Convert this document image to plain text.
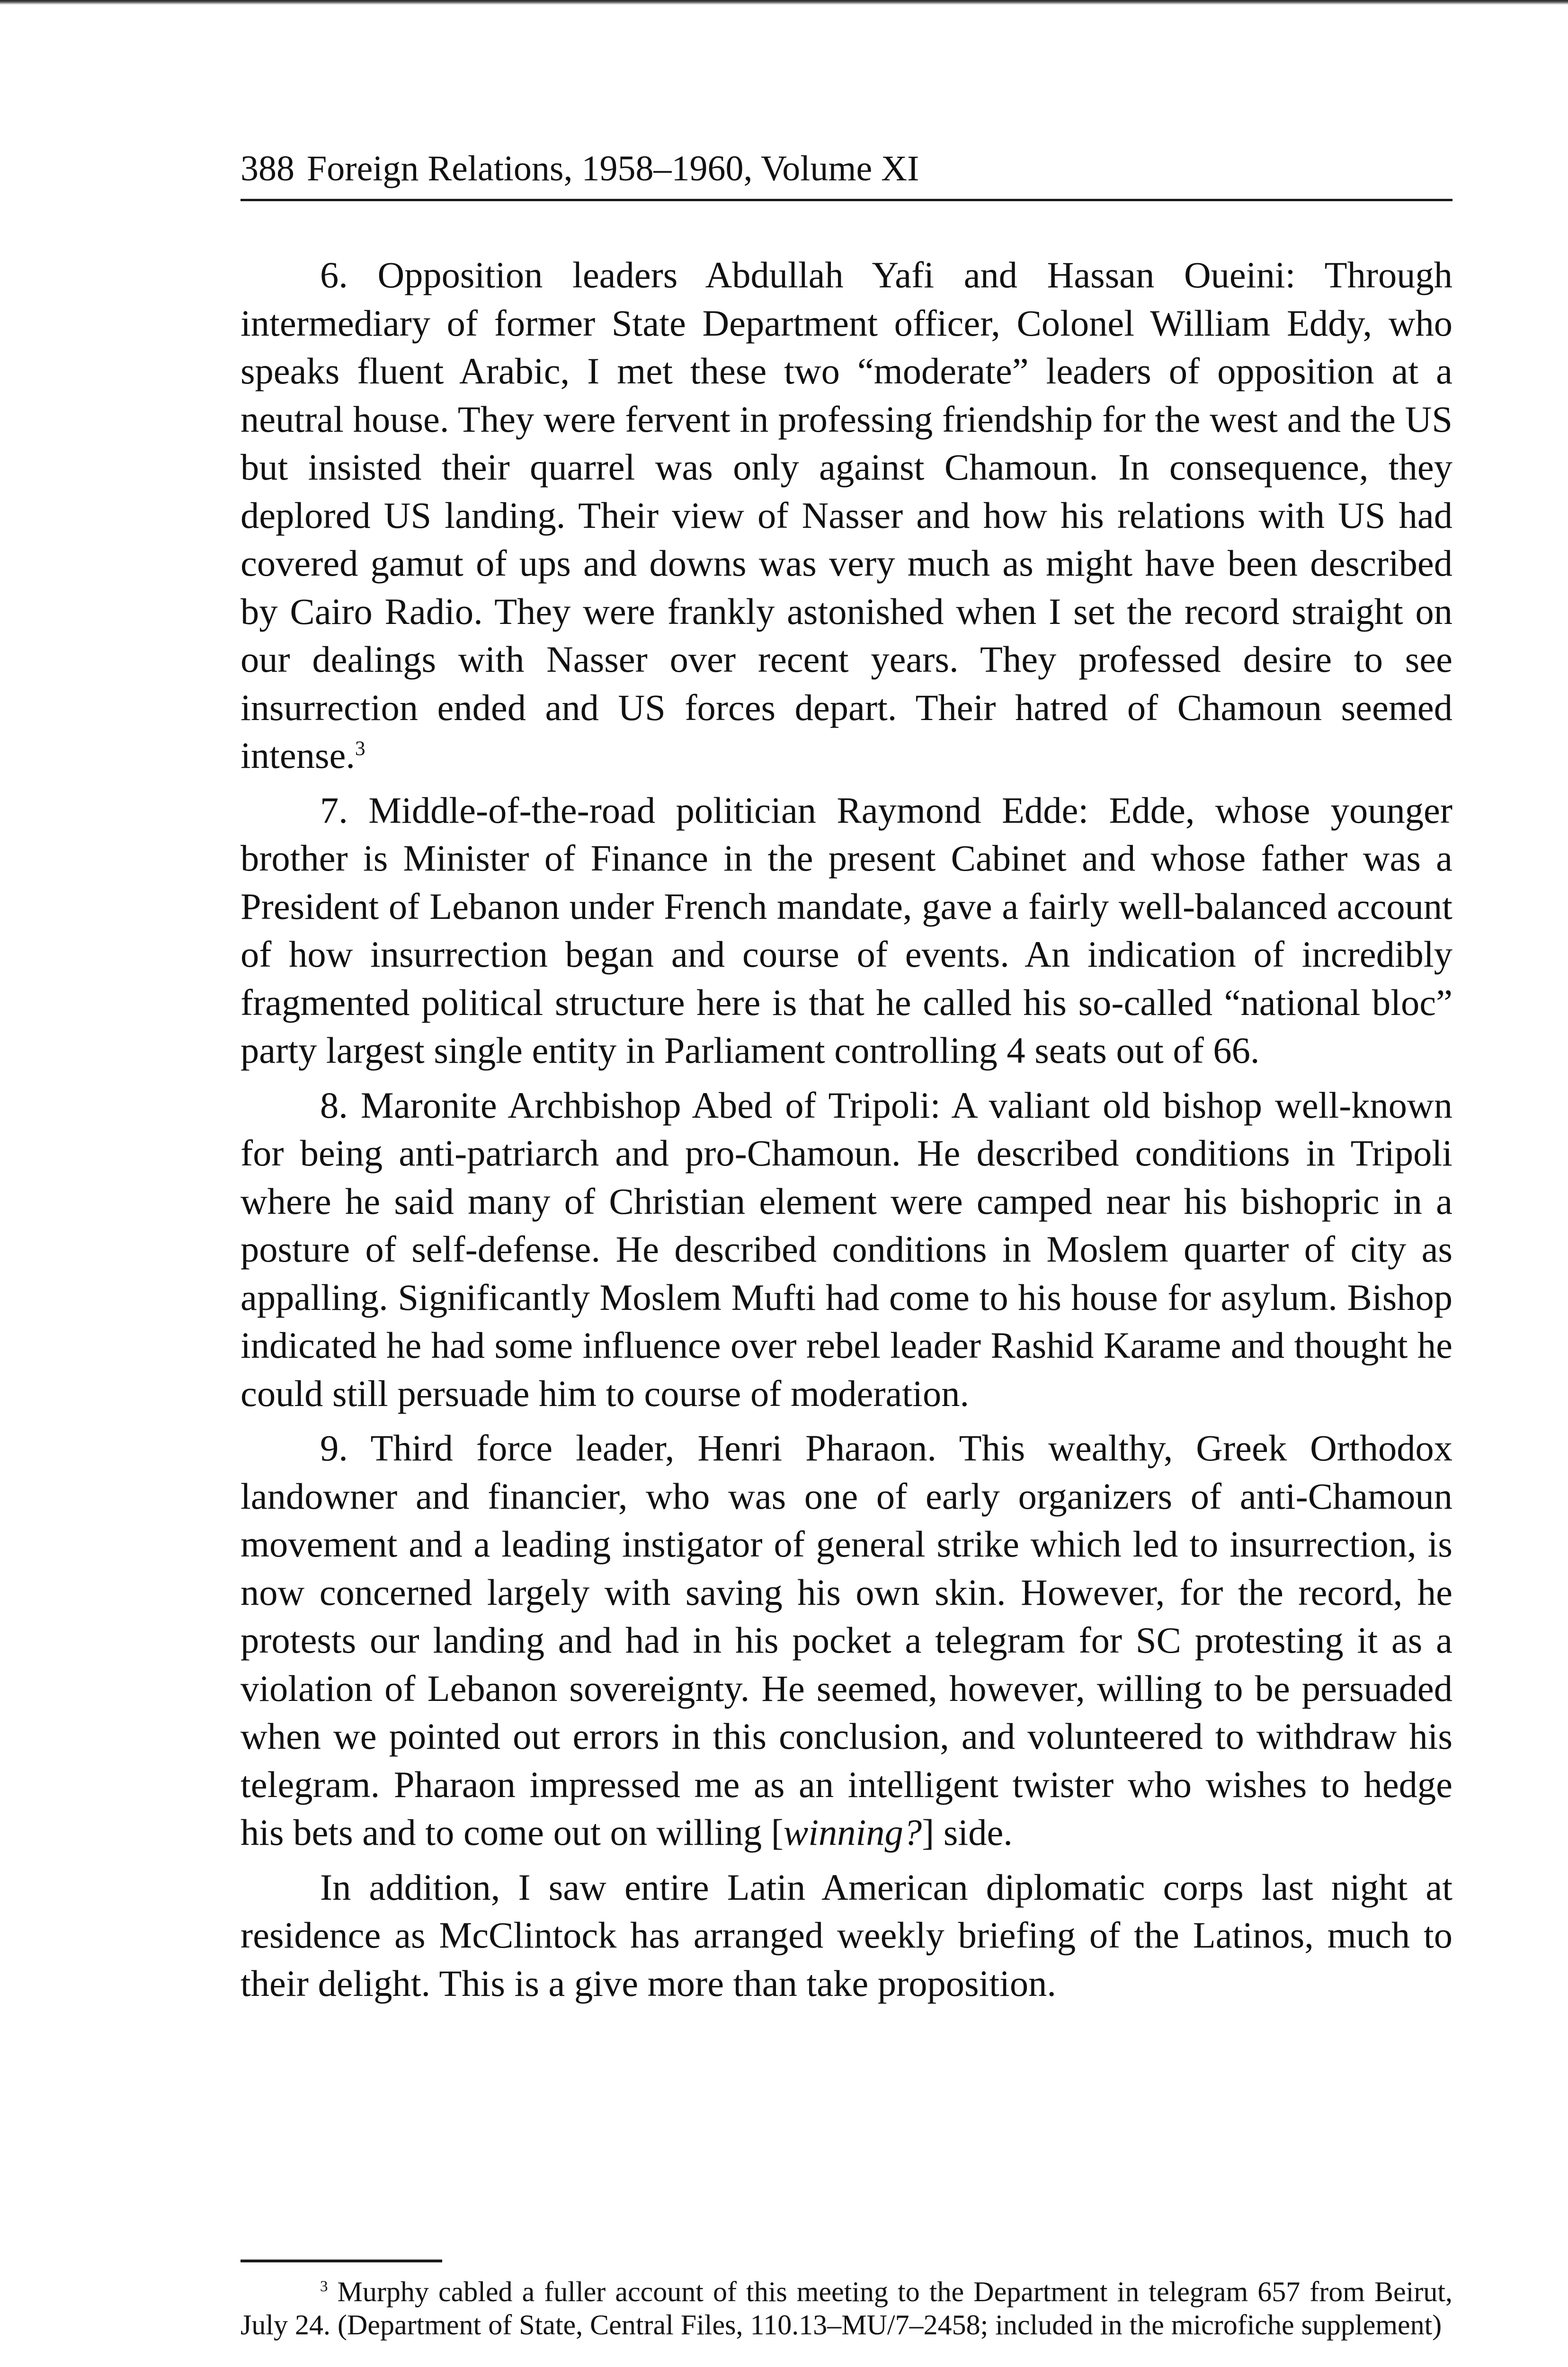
388 Foreign Relations, 1958–1960, Volume XI

6. Opposition leaders Abdullah Yafi and Hassan Oueini: Through intermediary of former State Department officer, Colonel William Eddy, who speaks fluent Arabic, I met these two “moderate” leaders of opposition at a neutral house. They were fervent in professing friendship for the west and the US but insisted their quarrel was only against Chamoun. In consequence, they deplored US landing. Their view of Nasser and how his relations with US had covered gamut of ups and downs was very much as might have been described by Cairo Radio. They were frankly astonished when I set the record straight on our dealings with Nasser over recent years. They professed desire to see insurrection ended and US forces depart. Their hatred of Chamoun seemed intense.$^3$

7. Middle-of-the-road politician Raymond Edde: Edde, whose younger brother is Minister of Finance in the present Cabinet and whose father was a President of Lebanon under French mandate, gave a fairly well-balanced account of how insurrection began and course of events. An indication of incredibly fragmented political structure here is that he called his so-called “national bloc” party largest single entity in Parliament controlling 4 seats out of 66.

8. Maronite Archbishop Abed of Tripoli: A valiant old bishop well-known for being anti-patriarch and pro-Chamoun. He described conditions in Tripoli where he said many of Christian element were camped near his bishopric in a posture of self-defense. He described conditions in Moslem quarter of city as appalling. Significantly Moslem Mufti had come to his house for asylum. Bishop indicated he had some influence over rebel leader Rashid Karame and thought he could still persuade him to course of moderation.

9. Third force leader, Henri Pharaon. This wealthy, Greek Orthodox landowner and financier, who was one of early organizers of anti-Chamoun movement and a leading instigator of general strike which led to insurrection, is now concerned largely with saving his own skin. However, for the record, he protests our landing and had in his pocket a telegram for SC protesting it as a violation of Lebanon sovereignty. He seemed, however, willing to be persuaded when we pointed out errors in this conclusion, and volunteered to withdraw his telegram. Pharaon impressed me as an intelligent twister who wishes to hedge his bets and to come out on willing [winning?] side.

In addition, I saw entire Latin American diplomatic corps last night at residence as McClintock has arranged weekly briefing of the Latinos, much to their delight. This is a give more than take proposition.

$^3$ Murphy cabled a fuller account of this meeting to the Department in telegram 657 from Beirut, July 24. (Department of State, Central Files, 110.13–MU/7–2458; included in the microfiche supplement)
